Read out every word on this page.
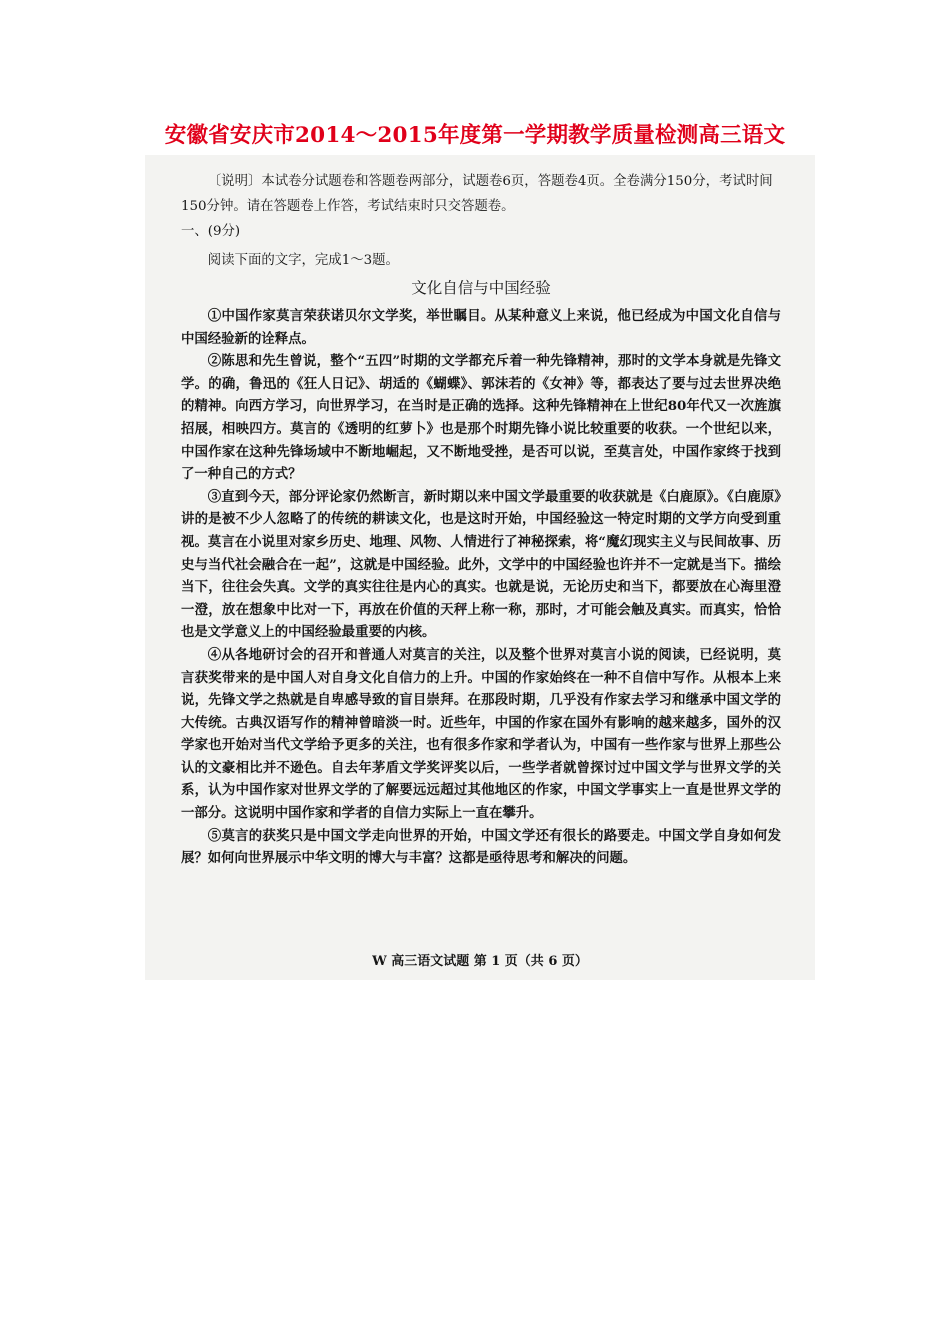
安徽省安庆市2014～2015年度第一学期教学质量检测高三语文

〔说明〕本试卷分试题卷和答题卷两部分，试题卷6页，答题卷4页。全卷满分150分，考试时间150分钟。请在答题卷上作答，考试结束时只交答题卷。

一、(9分)

阅读下面的文字，完成1～3题。

文化自信与中国经验

①中国作家莫言荣获诺贝尔文学奖，举世瞩目。从某种意义上来说，他已经成为中国文化自信与中国经验新的诠释点。

②陈思和先生曾说，整个“五四”时期的文学都充斥着一种先锋精神，那时的文学本身就是先锋文学。的确，鲁迅的《狂人日记》、胡适的《蝴蝶》、郭沫若的《女神》等，都表达了要与过去世界决绝的精神。向西方学习，向世界学习，在当时是正确的选择。这种先锋精神在上世纪80年代又一次旌旗招展，相映四方。莫言的《透明的红萝卜》也是那个时期先锋小说比较重要的收获。一个世纪以来，中国作家在这种先锋场域中不断地崛起，又不断地受挫，是否可以说，至莫言处，中国作家终于找到了一种自己的方式？

③直到今天，部分评论家仍然断言，新时期以来中国文学最重要的收获就是《白鹿原》。《白鹿原》讲的是被不少人忽略了的传统的耕读文化，也是这时开始，中国经验这一特定时期的文学方向受到重视。莫言在小说里对家乡历史、地理、风物、人情进行了神秘探索，将“魔幻现实主义与民间故事、历史与当代社会融合在一起”，这就是中国经验。此外，文学中的中国经验也许并不一定就是当下。描绘当下，往往会失真。文学的真实往往是内心的真实。也就是说，无论历史和当下，都要放在心海里澄一澄，放在想象中比对一下，再放在价值的天秤上称一称，那时，才可能会触及真实。而真实，恰恰也是文学意义上的中国经验最重要的内核。

④从各地研讨会的召开和普通人对莫言的关注，以及整个世界对莫言小说的阅读，已经说明，莫言获奖带来的是中国人对自身文化自信力的上升。中国的作家始终在一种不自信中写作。从根本上来说，先锋文学之热就是自卑感导致的盲目崇拜。在那段时期，几乎没有作家去学习和继承中国文学的大传统。古典汉语写作的精神曾暗淡一时。近些年，中国的作家在国外有影响的越来越多，国外的汉学家也开始对当代文学给予更多的关注，也有很多作家和学者认为，中国有一些作家与世界上那些公认的文豪相比并不逊色。自去年茅盾文学奖评奖以后，一些学者就曾探讨过中国文学与世界文学的关系，认为中国作家对世界文学的了解要远远超过其他地区的作家，中国文学事实上一直是世界文学的一部分。这说明中国作家和学者的自信力实际上一直在攀升。

⑤莫言的获奖只是中国文学走向世界的开始，中国文学还有很长的路要走。中国文学自身如何发展？如何向世界展示中华文明的博大与丰富？这都是亟待思考和解决的问题。

W 高三语文试题 第 1 页（共 6 页）
